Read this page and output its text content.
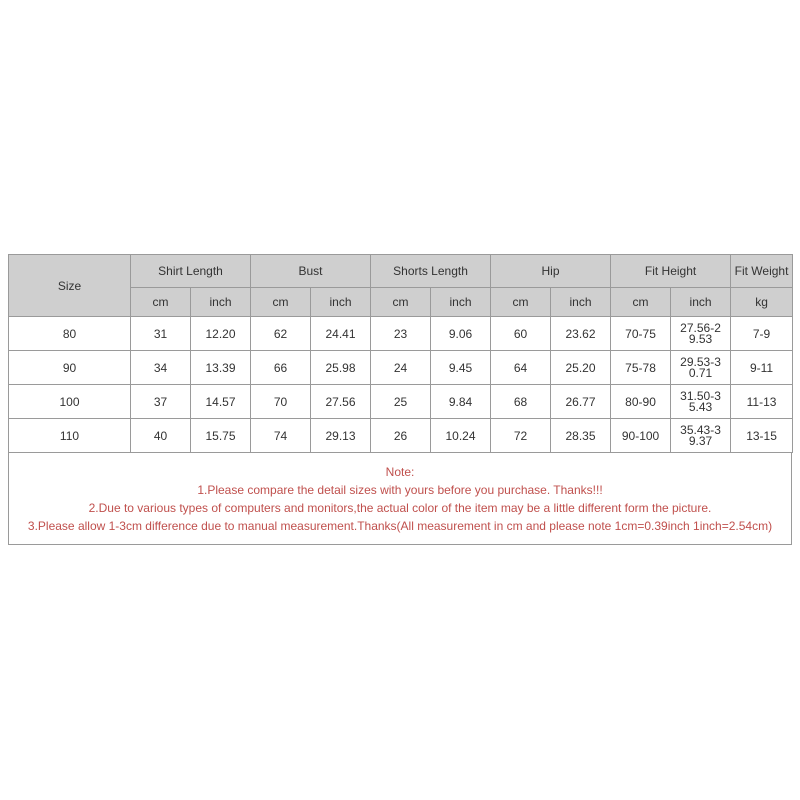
Size	Shirt Length		Bust		Shorts Length		Hip		Fit Height		Fit Weight
	cm	inch	cm	inch	cm	inch	cm	inch	cm	inch	kg
80	31	12.20	62	24.41	23	9.06	60	23.62	70-75	27.56-29.53	7-9
90	34	13.39	66	25.98	24	9.45	64	25.20	75-78	29.53-30.71	9-11
100	37	14.57	70	27.56	25	9.84	68	26.77	80-90	31.50-35.43	11-13
110	40	15.75	74	29.13	26	10.24	72	28.35	90-100	35.43-39.37	13-15
Note:
1.Please compare the detail sizes with yours before you purchase. Thanks!!!
2.Due to various types of computers and monitors,the actual color of the item may be a little different form the picture.
3.Please allow 1-3cm difference due to manual measurement.Thanks(All measurement in cm and please note 1cm=0.39inch 1inch=2.54cm)
